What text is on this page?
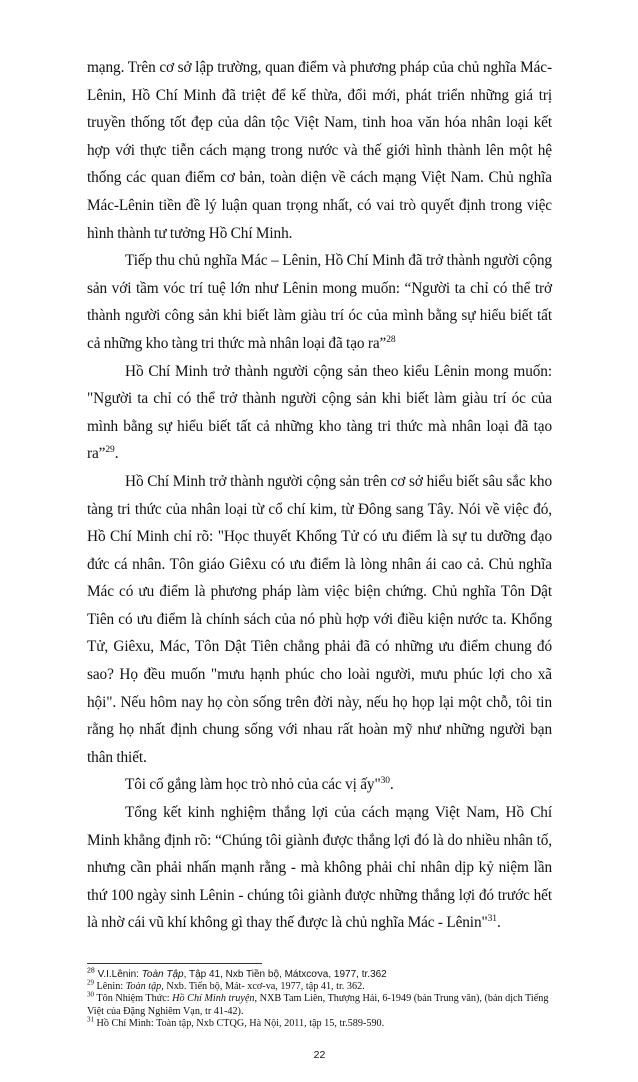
mạng. Trên cơ sở lập trường, quan điểm và phương pháp của chủ nghĩa Mác-Lênin, Hồ Chí Minh đã triệt để kế thừa, đổi mới, phát triển những giá trị truyền thống tốt đẹp của dân tộc Việt Nam, tinh hoa văn hóa nhân loại kết hợp với thực tiễn cách mạng trong nước và thế giới hình thành lên một hệ thống các quan điểm cơ bản, toàn diện về cách mạng Việt Nam. Chủ nghĩa Mác-Lênin tiền đề lý luận quan trọng nhất, có vai trò quyết định trong việc hình thành tư tưởng Hồ Chí Minh.

Tiếp thu chủ nghĩa Mác – Lênin, Hồ Chí Minh đã trở thành người cộng sản với tầm vóc trí tuệ lớn như Lênin mong muốn: “Người ta chỉ có thể trở thành người công sản khi biết làm giàu trí óc của mình bằng sự hiểu biết tất cả những kho tàng tri thức mà nhân loại đã tạo ra”$^{28}$

Hồ Chí Minh trở thành người cộng sản theo kiểu Lênin mong muốn: "Người ta chỉ có thể trở thành người cộng sản khi biết làm giàu trí óc của mình bằng sự hiểu biết tất cả những kho tàng tri thức mà nhân loại đã tạo ra”$^{29}$.

Hồ Chí Minh trở thành người cộng sản trên cơ sở hiểu biết sâu sắc kho tàng tri thức của nhân loại từ cổ chí kim, từ Đông sang Tây. Nói về việc đó, Hồ Chí Minh chỉ rõ: "Học thuyết Khổng Tử có ưu điểm là sự tu dưỡng đạo đức cá nhân. Tôn giáo Giêxu có ưu điểm là lòng nhân ái cao cả. Chủ nghĩa Mác có ưu điểm là phương pháp làm việc biện chứng. Chủ nghĩa Tôn Dật Tiên có ưu điểm là chính sách của nó phù hợp với điều kiện nước ta. Khổng Tử, Giêxu, Mác, Tôn Dật Tiên chẳng phải đã có những ưu điểm chung đó sao? Họ đều muốn "mưu hạnh phúc cho loài người, mưu phúc lợi cho xã hội". Nếu hôm nay họ còn sống trên đời này, nếu họ họp lại một chỗ, tôi tin rằng họ nhất định chung sống với nhau rất hoàn mỹ như những người bạn thân thiết.

Tôi cố gắng làm học trò nhỏ của các vị ấy"$^{30}$.

Tổng kết kinh nghiệm thắng lợi của cách mạng Việt Nam, Hồ Chí Minh khẳng định rõ: “Chúng tôi giành được thắng lợi đó là do nhiều nhân tố, nhưng cần phải nhấn mạnh rằng - mà không phải chỉ nhân dịp kỷ niệm lần thứ 100 ngày sinh Lênin - chúng tôi giành được những thắng lợi đó trước hết là nhờ cái vũ khí không gì thay thế được là chủ nghĩa Mác - Lênin"$^{31}$.

$^{28}$ V.I.Lênin: Toàn Tập, Tập 41, Nxb Tiền bộ, Mátxcơva, 1977, tr.362
$^{29}$ Lênin: Toàn tập, Nxb. Tiến bộ, Mát- xcơ-va, 1977, tập 41, tr. 362.
$^{30}$ Tôn Nhiệm Thức: Hồ Chí Minh truyện, NXB Tam Liên, Thượng Hải, 6-1949 (bản Trung văn), (bản dịch Tiếng Việt của Đặng Nghiêm Vạn, tr 41-42).
$^{31}$ Hồ Chí Minh: Toàn tập, Nxb CTQG, Hà Nội, 2011, tập 15, tr.589-590.
22
